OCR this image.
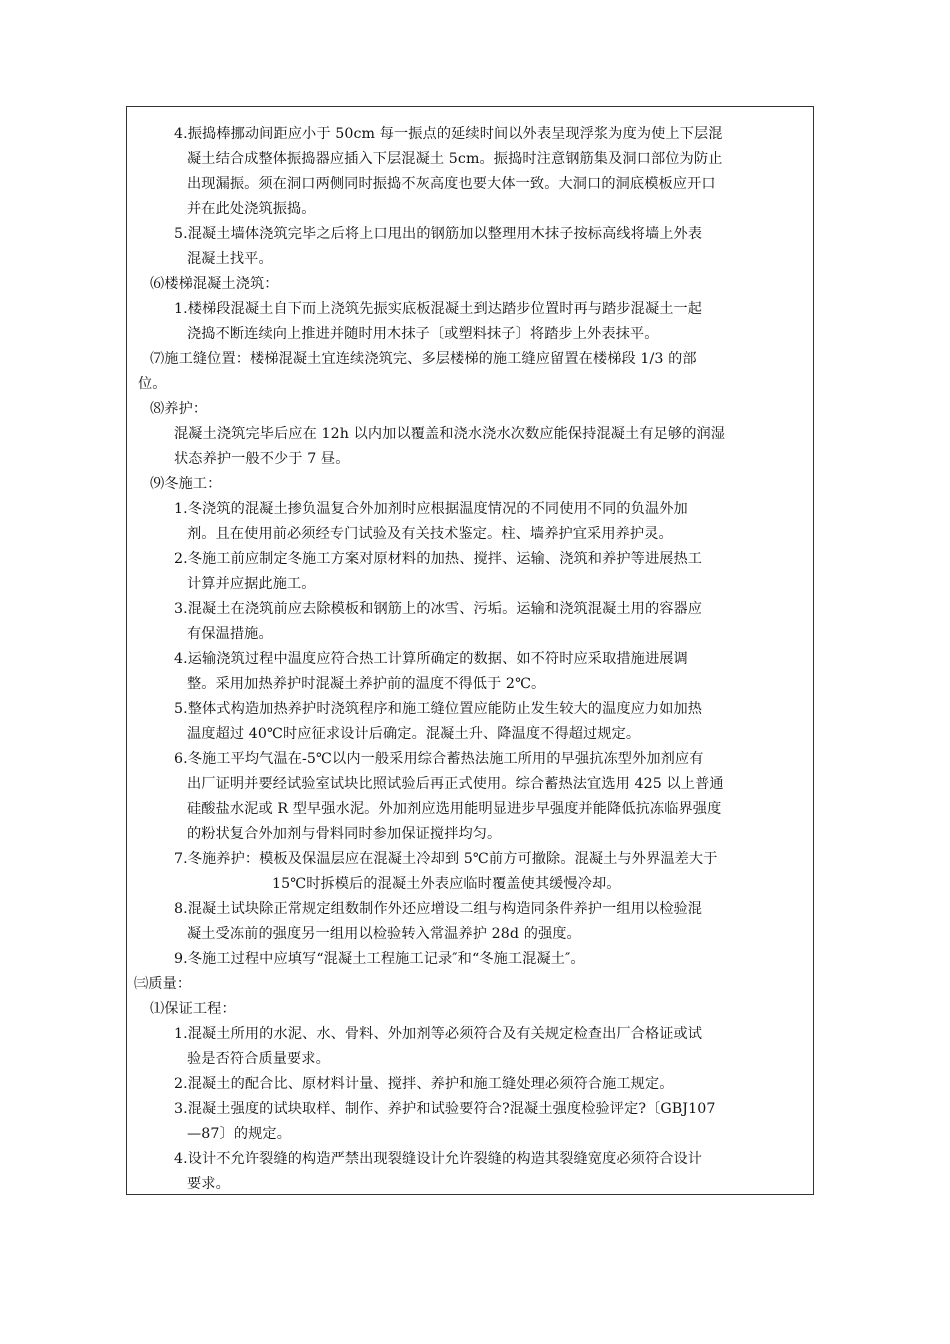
4.振捣棒挪动间距应小于 50cm 每一振点的延续时间以外表呈现浮浆为度为使上下层混
凝土结合成整体振捣器应插入下层混凝土 5cm。振捣时注意钢筋集及洞口部位为防止
出现漏振。须在洞口两侧同时振捣不灰高度也要大体一致。大洞口的洞底模板应开口
并在此处浇筑振捣。
5.混凝土墙体浇筑完毕之后将上口甩出的钢筋加以整理用木抹子按标高线将墙上外表
混凝土找平。
⑹楼梯混凝土浇筑：
1.楼梯段混凝土自下而上浇筑先振实底板混凝土到达踏步位置时再与踏步混凝土一起
浇捣不断连续向上推进并随时用木抹子〔或塑料抹子〕将踏步上外表抹平。
⑺施工缝位置：楼梯混凝土宜连续浇筑完、多层楼梯的施工缝应留置在楼梯段 1/3 的部
位。
⑻养护：
混凝土浇筑完毕后应在 12h 以内加以覆盖和浇水浇水次数应能保持混凝土有足够的润湿
状态养护一般不少于 7 昼。
⑼冬施工：
1.冬浇筑的混凝土掺负温复合外加剂时应根据温度情况的不同使用不同的负温外加
剂。且在使用前必须经专门试验及有关技术鉴定。柱、墙养护宜采用养护灵。
2.冬施工前应制定冬施工方案对原材料的加热、搅拌、运输、浇筑和养护等进展热工
计算并应据此施工。
3.混凝土在浇筑前应去除模板和钢筋上的冰雪、污垢。运输和浇筑混凝土用的容器应
有保温措施。
4.运输浇筑过程中温度应符合热工计算所确定的数据、如不符时应采取措施进展调
整。采用加热养护时混凝土养护前的温度不得低于 2℃。
5.整体式构造加热养护时浇筑程序和施工缝位置应能防止发生较大的温度应力如加热
温度超过 40℃时应征求设计后确定。混凝土升、降温度不得超过规定。
6.冬施工平均气温在-5℃以内一般采用综合蓄热法施工所用的早强抗冻型外加剂应有
出厂证明并要经试验室试块比照试验后再正式使用。综合蓄热法宜选用 425 以上普通
硅酸盐水泥或 R 型早强水泥。外加剂应选用能明显进步早强度并能降低抗冻临界强度
的粉状复合外加剂与骨料同时参加保证搅拌均匀。
7.冬施养护：模板及保温层应在混凝土冷却到 5℃前方可撤除。混凝土与外界温差大于
15℃时拆模后的混凝土外表应临时覆盖使其缓慢冷却。
8.混凝土试块除正常规定组数制作外还应增设二组与构造同条件养护一组用以检验混
凝土受冻前的强度另一组用以检验转入常温养护 28d 的强度。
9.冬施工过程中应填写“混凝土工程施工记录″和“冬施工混凝土″。
㈢质量：
⑴保证工程：
1.混凝土所用的水泥、水、骨料、外加剂等必须符合及有关规定检查出厂合格证或试
验是否符合质量要求。
2.混凝土的配合比、原材料计量、搅拌、养护和施工缝处理必须符合施工规定。
3.混凝土强度的试块取样、制作、养护和试验要符合?混凝土强度检验评定?〔GBJ107
—87〕的规定。
4.设计不允许裂缝的构造严禁出现裂缝设计允许裂缝的构造其裂缝宽度必须符合设计
要求。
